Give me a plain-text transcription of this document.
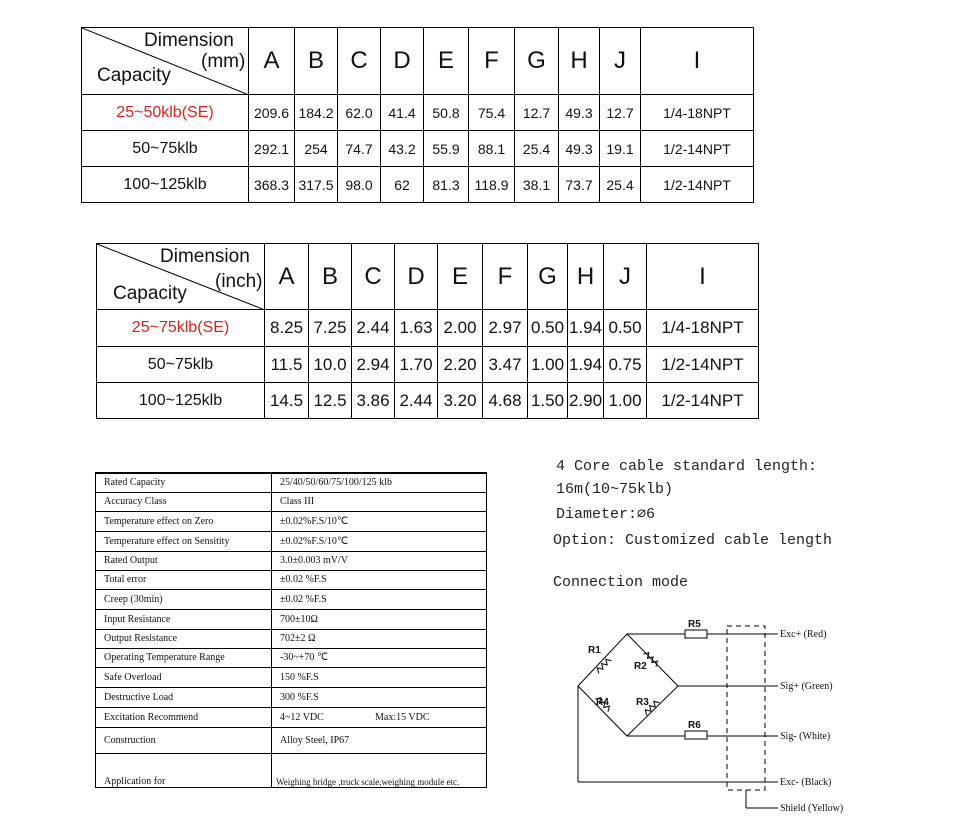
Dimension
(mm)
Capacity	A	B	C	D	E	F	G	H	J	I
25~50klb(SE)	209.6	184.2	62.0	41.4	50.8	75.4	12.7	49.3	12.7	1/4-18NPT
50~75klb	292.1	254	74.7	43.2	55.9	88.1	25.4	49.3	19.1	1/2-14NPT
100~125klb	368.3	317.5	98.0	62	81.3	118.9	38.1	73.7	25.4	1/2-14NPT
Dimension
(inch)
Capacity	A	B	C	D	E	F	G	H	J	I
25~75klb(SE)	8.25	7.25	2.44	1.63	2.00	2.97	0.50	1.94	0.50	1/4-18NPT
50~75klb	11.5	10.0	2.94	1.70	2.20	3.47	1.00	1.94	0.75	1/2-14NPT
100~125klb	14.5	12.5	3.86	2.44	3.20	4.68	1.50	2.90	1.00	1/2-14NPT
Rated Capacity	25/40/50/60/75/100/125 klb
Accuracy Class	Class III
Temperature effect on Zero	±0.02%F.S/10℃
Temperature effect on Sensitity	±0.02%F.S/10℃
Rated Output	3.0±0.003 mV/V
Total error	±0.02 %F.S
Creep (30min)	±0.02 %F.S
Input Resistance	700±10Ω
Output Resistance	702±2 Ω
Operating Temperature Range	-30~+70 ℃
Safe Overload	150 %F.S
Destructive Load	300 %F.S
Excitation Recommend	4~12 VDC Max:15 VDC
Construction	Alloy Steel, IP67
Application for	Weighing bridge ,truck scale,weighing module etc.
4 Core cable standard length:
16m(10~75klb)
Diameter:⌀6
Option: Customized cable length
Connection mode
R1
R2
R3
R4
R5
R6
Exc+ (Red)
Sig+ (Green)
Sig- (White)
Exc- (Black)
Shield (Yellow)
